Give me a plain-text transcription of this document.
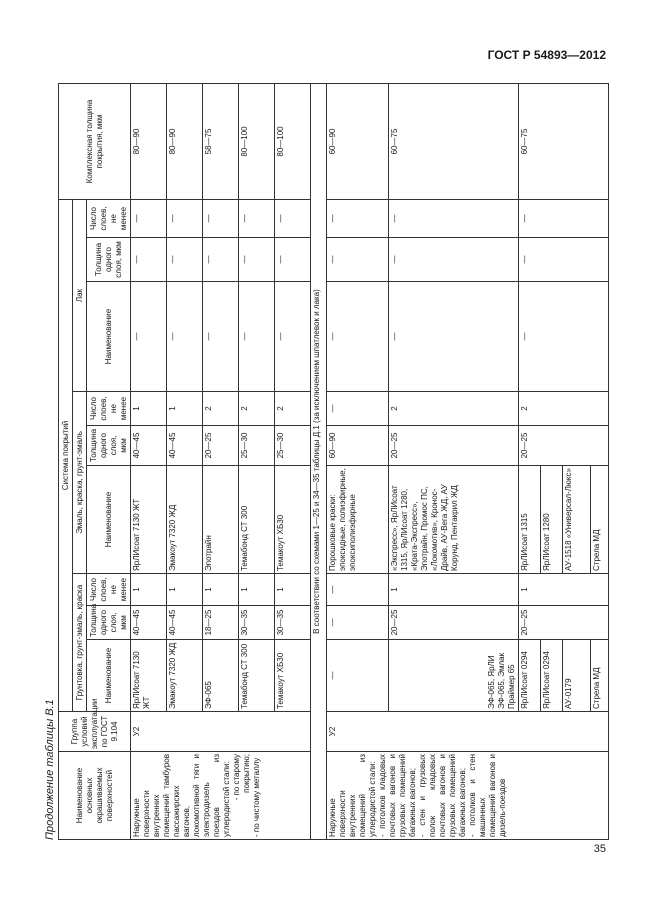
ГОСТ Р 54893—2012
Продолжение таблицы В.1
35
Наименование основных окрашиваемых поверхностей	Группа условий эксплуатации по ГОСТ 9.104	Система покрытий									Комплексная толщина покрытия, мкм
		Грунтовка, грунт-эмаль, краска			Эмаль, краска, грунт-эмаль			Лак			
		Наименование	Толщина одного слоя, мкм	Число слоев, не менее	Наименование	Толщина одного слоя, мкм	Число слоев, не менее	Наименование	Толщина одного слоя, мкм	Число слоев, не менее	

Наружные поверхности внутренних помещений тамбуров пассажирских вагонов, локомотивной тяги и электродизель поездов из углеродистой стали: - по старому покрытию; - по чистому металлу	У2	ЯрЛИсоат 7130 ЖТ	40—45	1	ЯрЛИсоат 7130 ЖТ	40—45	1	—	—	—	80—90
		Эмакоут 7320 ЖД	40—45	1	Эмакоут 7320 ЖД	40—45	1	—	—	—	80—90
		ЭФ-065	18—25	1	Эпотрайн	20—25	2	—	—	—	58—75
		Темабонд СТ 300	30—35	1	Темабонд СТ 300	25—30	2	—	—	—	80—100
		Темакоут ХБ30	30—35	1	Темакоут ХБ30	25—30	2	—	—	—	80—100
В соответствии со схемами 1—25 и 34—35 таблицы Д.1 (за исключением шпатлевок и лака)											

Наружные поверхности внутренних помещений из углеродистой стали: - потолков кладовых почтовых вагонов и грузовых помещений багажных вагонов; - стен и грузовых полок кладовых почтовых вагонов и грузовых помещений багажных вагонов; - потолков и стен машинных помещений вагонов и дизель-поездов	У2	—	—	—	Порошковые краски: эпоксидные, полиэфирные, эпоксиполиэфирные	60—90	—	—	—	—	60—90
		ЭФ-065, ЯрЛИ ЭФ-065, Эмлак Праймер 65	20—25	1	«Экспресс», ЯрЛИсоат 1315, ЯрЛИсоат 1280, «Крата-Экспресс», Эпотрайн, Промос ПС, «Локомотив», Кронос-Драйв, АУ-Вега ЖД, АУ Корунд, Пентакрил ЖД	20—25	2	—	—	—	60—75
		ЯрЛИсоат 0294	20—25	1	ЯрЛИсоат 1315	20—25	2	—	—	—	60—75
		ЯрЛИсоат 0294			ЯрЛИсоат 1280						
		АУ-0179			АУ-1518 «Универсал-Люкс»						
		Стрела МД			Стрела МД						
